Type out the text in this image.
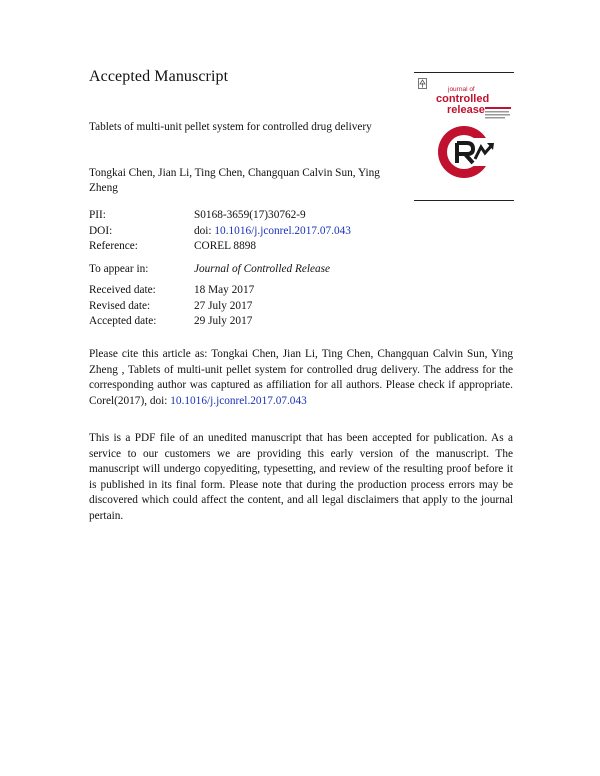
Accepted Manuscript
journal of
controlled
release
Tablets of multi-unit pellet system for controlled drug delivery
Tongkai Chen, Jian Li, Ting Chen, Changquan Calvin Sun, Ying Zheng
PII:	S0168-3659(17)30762-9
DOI:	doi: 10.1016/j.jconrel.2017.07.043
Reference:	COREL 8898
To appear in:	Journal of Controlled Release
Received date:	18 May 2017
Revised date:	27 July 2017
Accepted date:	29 July 2017
Please cite this article as: Tongkai Chen, Jian Li, Ting Chen, Changquan Calvin Sun, Ying Zheng , Tablets of multi-unit pellet system for controlled drug delivery. The address for the corresponding author was captured as affiliation for all authors. Please check if appropriate. Corel(2017), doi: 10.1016/j.jconrel.2017.07.043
This is a PDF file of an unedited manuscript that has been accepted for publication. As a service to our customers we are providing this early version of the manuscript. The manuscript will undergo copyediting, typesetting, and review of the resulting proof before it is published in its final form. Please note that during the production process errors may be discovered which could affect the content, and all legal disclaimers that apply to the journal pertain.
